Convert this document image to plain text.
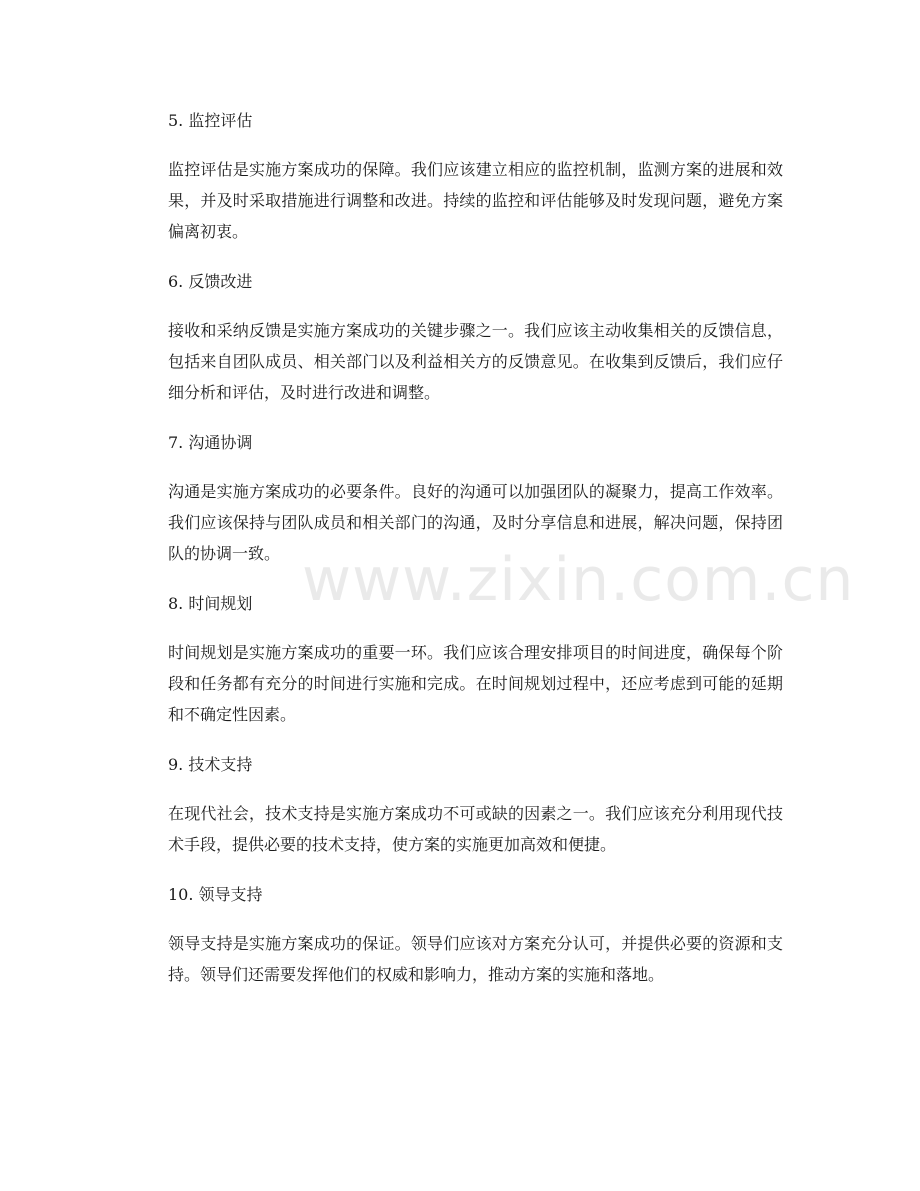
5. 监控评估

监控评估是实施方案成功的保障。我们应该建立相应的监控机制，监测方案的进展和效果，并及时采取措施进行调整和改进。持续的监控和评估能够及时发现问题，避免方案偏离初衷。

6. 反馈改进

接收和采纳反馈是实施方案成功的关键步骤之一。我们应该主动收集相关的反馈信息，包括来自团队成员、相关部门以及利益相关方的反馈意见。在收集到反馈后，我们应仔细分析和评估，及时进行改进和调整。

7. 沟通协调

沟通是实施方案成功的必要条件。良好的沟通可以加强团队的凝聚力，提高工作效率。我们应该保持与团队成员和相关部门的沟通，及时分享信息和进展，解决问题，保持团队的协调一致。

8. 时间规划

时间规划是实施方案成功的重要一环。我们应该合理安排项目的时间进度，确保每个阶段和任务都有充分的时间进行实施和完成。在时间规划过程中，还应考虑到可能的延期和不确定性因素。

9. 技术支持

在现代社会，技术支持是实施方案成功不可或缺的因素之一。我们应该充分利用现代技术手段，提供必要的技术支持，使方案的实施更加高效和便捷。

10. 领导支持

领导支持是实施方案成功的保证。领导们应该对方案充分认可，并提供必要的资源和支持。领导们还需要发挥他们的权威和影响力，推动方案的实施和落地。

www.zixin.com.cn
